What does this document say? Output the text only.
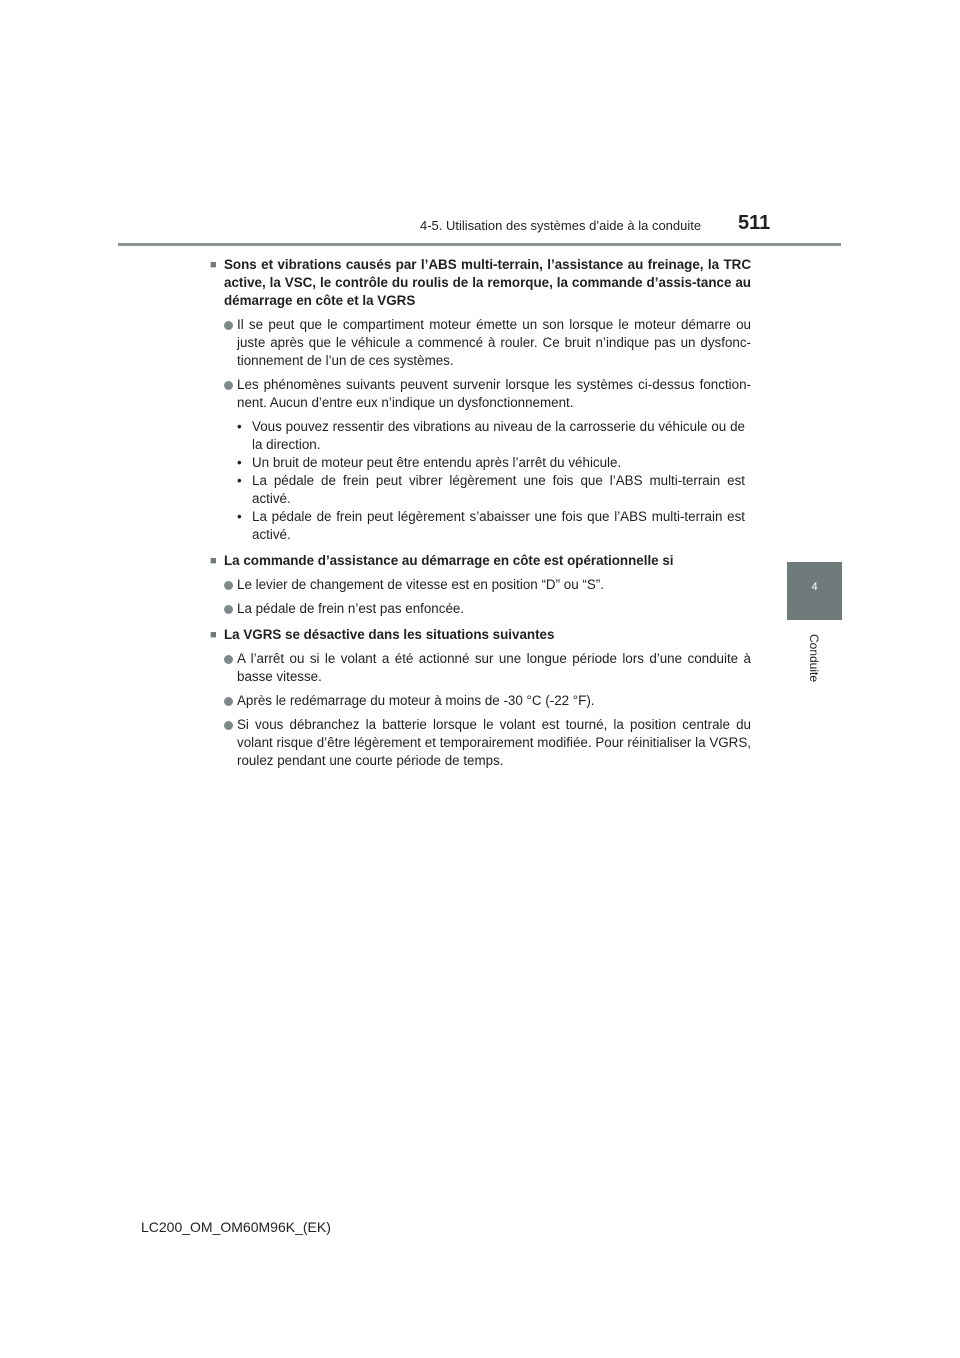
4-5. Utilisation des systèmes d’aide à la conduite 511
4
Conduite
■ Sons et vibrations causés par l’ABS multi-terrain, l’assistance au freinage, la TRC active, la VSC, le contrôle du roulis de la remorque, la commande d’assis-tance au démarrage en côte et la VGRS
Il se peut que le compartiment moteur émette un son lorsque le moteur démarre ou juste après que le véhicule a commencé à rouler. Ce bruit n’indique pas un dysfonc-tionnement de l’un de ces systèmes.
Les phénomènes suivants peuvent survenir lorsque les systèmes ci-dessus fonction-nent. Aucun d’entre eux n’indique un dysfonctionnement.
• Vous pouvez ressentir des vibrations au niveau de la carrosserie du véhicule ou de la direction.
• Un bruit de moteur peut être entendu après l’arrêt du véhicule.
• La pédale de frein peut vibrer légèrement une fois que l’ABS multi-terrain est activé.
• La pédale de frein peut légèrement s’abaisser une fois que l’ABS multi-terrain est activé.
■ La commande d’assistance au démarrage en côte est opérationnelle si
Le levier de changement de vitesse est en position “D” ou “S”.
La pédale de frein n’est pas enfoncée.
■ La VGRS se désactive dans les situations suivantes
A l’arrêt ou si le volant a été actionné sur une longue période lors d’une conduite à basse vitesse.
Après le redémarrage du moteur à moins de -30 °C (-22 °F).
Si vous débranchez la batterie lorsque le volant est tourné, la position centrale du volant risque d’être légèrement et temporairement modifiée. Pour réinitialiser la VGRS, roulez pendant une courte période de temps.
LC200_OM_OM60M96K_(EK)
